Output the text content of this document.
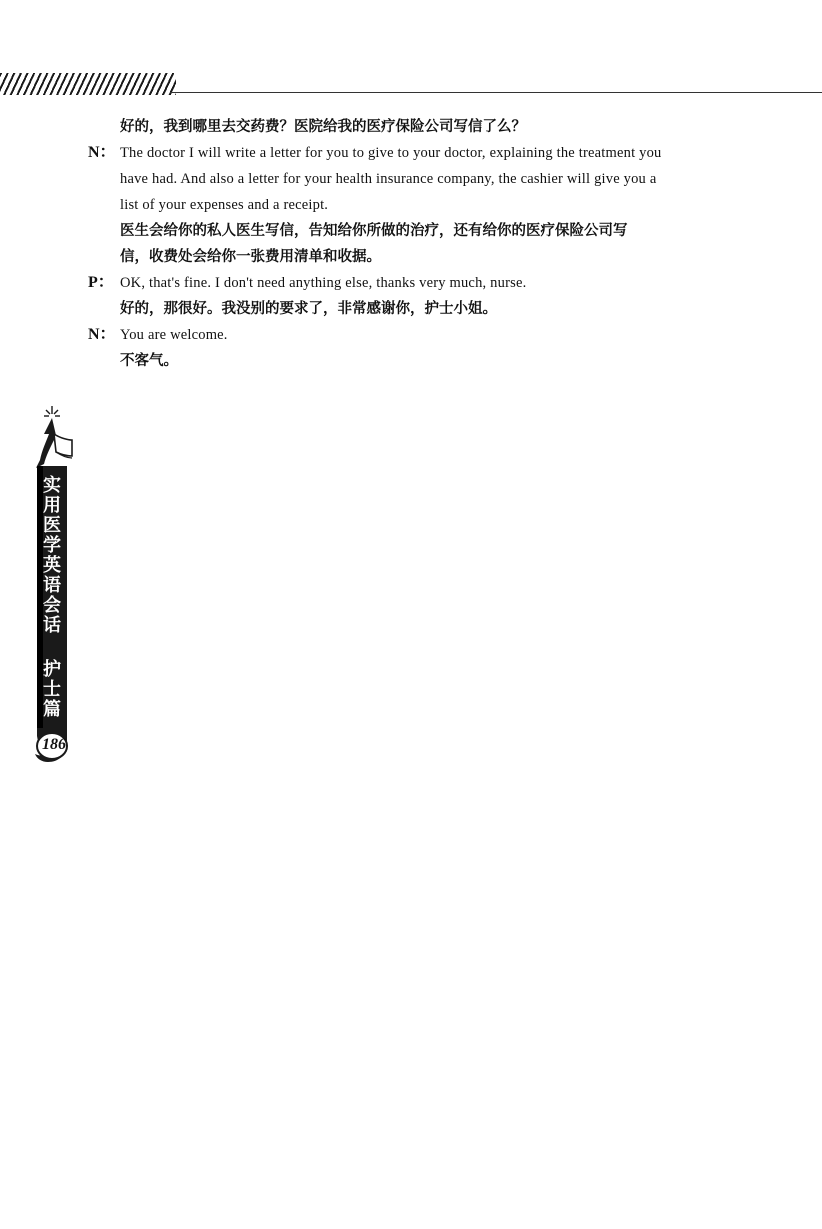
好的，我到哪里去交药费？医院给我的医疗保险公司写信了么？
N： The doctor I will write a letter for you to give to your doctor, explaining the treatment you
have had. And also a letter for your health insurance company, the cashier will give you a
list of your expenses and a receipt.
医生会给你的私人医生写信，告知给你所做的治疗，还有给你的医疗保险公司写
信，收费处会给你一张费用清单和收据。
P： OK, that's fine. I don't need anything else, thanks very much, nurse.
好的，那很好。我没别的要求了，非常感谢你，护士小姐。
N： You are welcome.
不客气。
实用医学英语会话
护士篇
186
